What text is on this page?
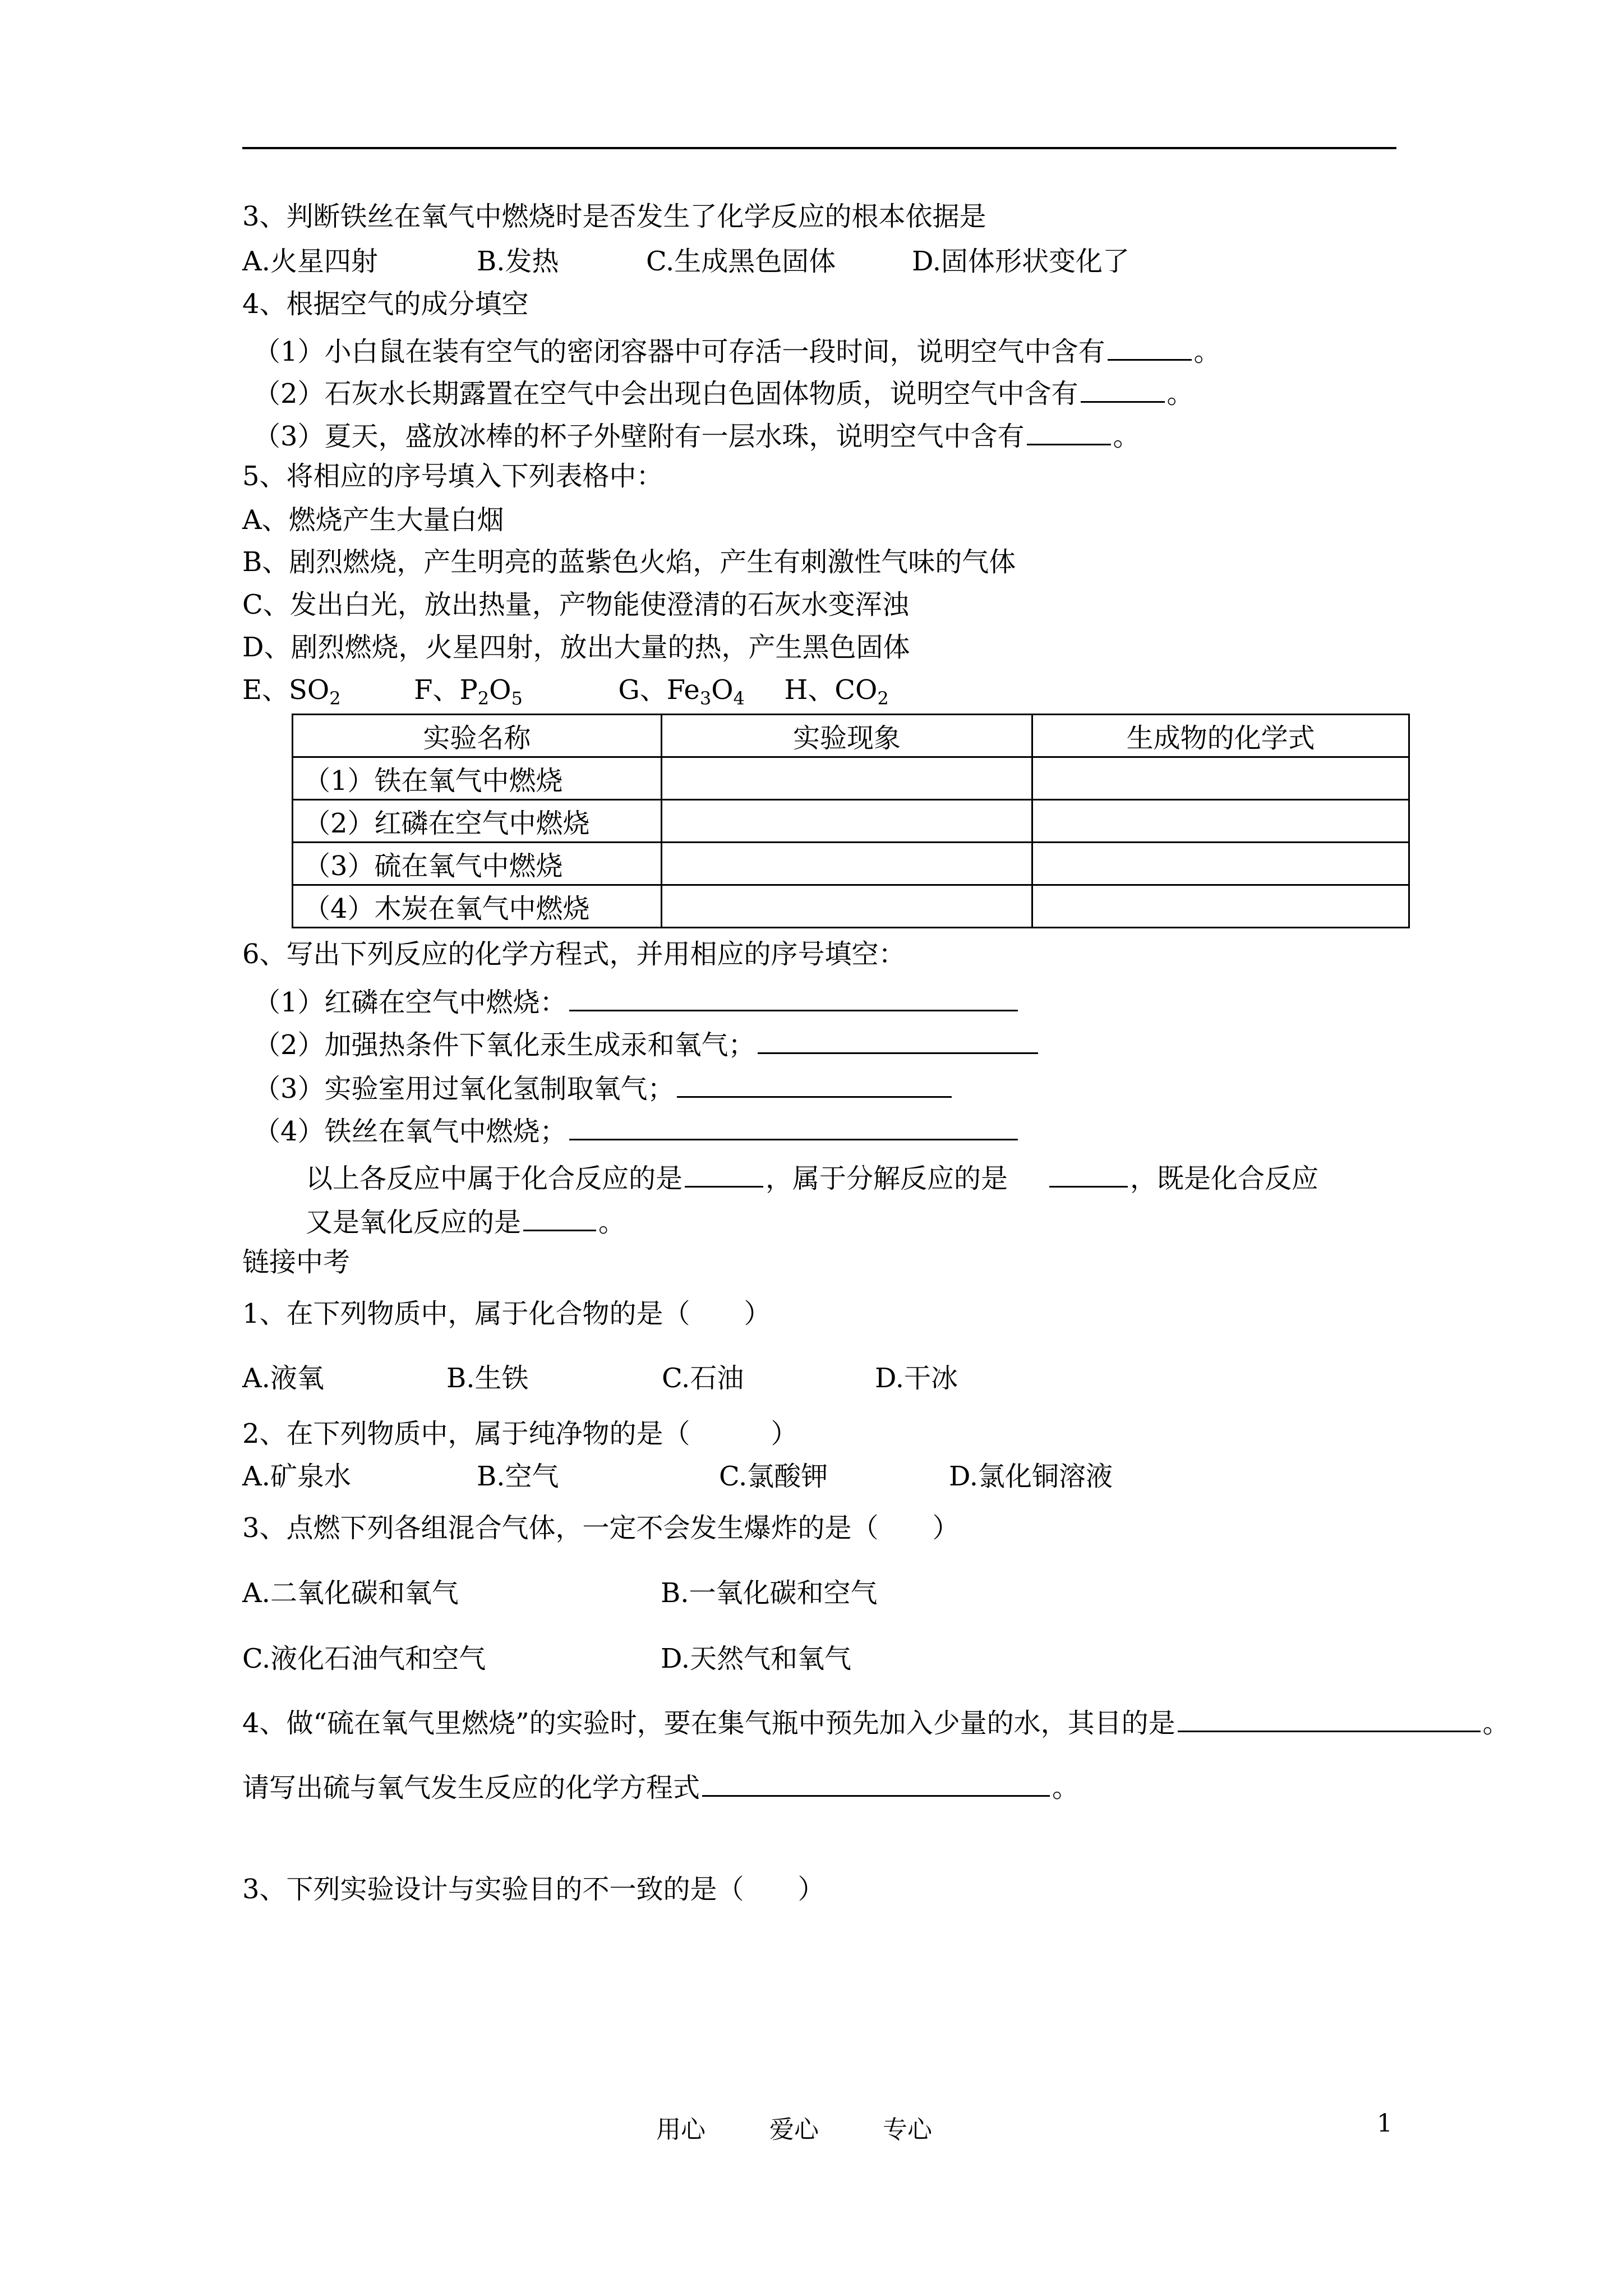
3、判断铁丝在氧气中燃烧时是否发生了化学反应的根本依据是
A.火星四射	B.发热	C.生成黑色固体	D.固体形状变化了
4、根据空气的成分填空
（1）小白鼠在装有空气的密闭容器中可存活一段时间，说明空气中含有	。
（2）石灰水长期露置在空气中会出现白色固体物质，说明空气中含有	。
（3）夏天，盛放冰棒的杯子外壁附有一层水珠，说明空气中含有	。
5、将相应的序号填入下列表格中：
A、燃烧产生大量白烟
B、剧烈燃烧，产生明亮的蓝紫色火焰，产生有刺激性气味的气体
C、发出白光，放出热量，产物能使澄清的石灰水变浑浊
D、剧烈燃烧，火星四射，放出大量的热，产生黑色固体
E、$SO_2$	F、$P_2O_5$	G、$Fe_3O_4$ H、$CO_2$
实验名称	实验现象	生成物的化学式
（1）铁在氧气中燃烧		
（2）红磷在空气中燃烧		
（3）硫在氧气中燃烧		
（4）木炭在氧气中燃烧		
6、写出下列反应的化学方程式，并用相应的序号填空：
（1）红磷在空气中燃烧：
（2）加强热条件下氧化汞生成汞和氧气；
（3）实验室用过氧化氢制取氧气；
（4）铁丝在氧气中燃烧；
以上各反应中属于化合反应的是	，属于分解反应的是	，既是化合反应
又是氧化反应的是	。
链接中考
1、在下列物质中，属于化合物的是（　　）
A.液氧	B.生铁	C.石油	D.干冰
2、在下列物质中，属于纯净物的是（　　　）
A.矿泉水	B.空气	C.氯酸钾	D.氯化铜溶液
3、点燃下列各组混合气体，一定不会发生爆炸的是（　　）
A.二氧化碳和氧气	B.一氧化碳和空气
C.液化石油气和空气	D.天然气和氧气
4、做“硫在氧气里燃烧”的实验时，要在集气瓶中预先加入少量的水，其目的是	。
请写出硫与氧气发生反应的化学方程式	。
3、下列实验设计与实验目的不一致的是（　　）
用心	爱心	专心	1
